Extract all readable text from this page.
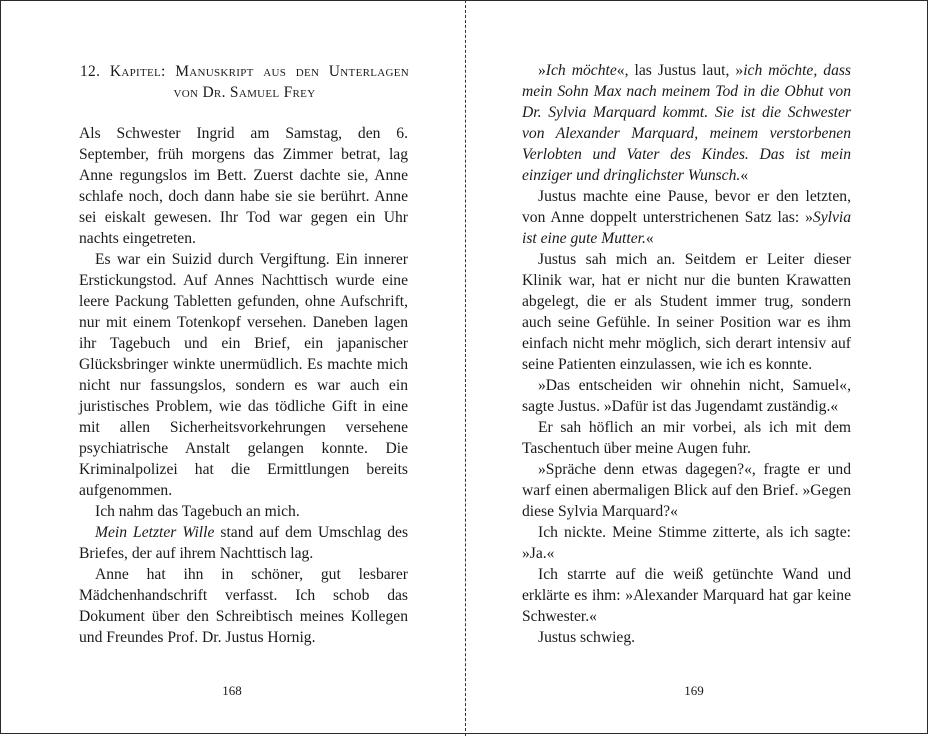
12. Kapitel: Manuskript aus den Unterlagen
von Dr. Samuel Frey

Als Schwester Ingrid am Samstag, den 6. September, früh morgens das Zimmer betrat, lag Anne regungslos im Bett. Zuerst dachte sie, Anne schlafe noch, doch dann habe sie sie berührt. Anne sei eiskalt gewesen. Ihr Tod war gegen ein Uhr nachts eingetreten.

Es war ein Suizid durch Vergiftung. Ein innerer Erstickungstod. Auf Annes Nachttisch wurde eine leere Packung Tabletten gefunden, ohne Aufschrift, nur mit einem Totenkopf versehen. Daneben lagen ihr Tagebuch und ein Brief, ein japanischer Glücksbringer winkte unermüdlich. Es machte mich nicht nur fassungslos, sondern es war auch ein juristisches Problem, wie das tödliche Gift in eine mit allen Sicherheitsvorkehrungen versehene psychiatrische Anstalt gelangen konnte. Die Kriminalpolizei hat die Ermittlungen bereits aufgenommen.

Ich nahm das Tagebuch an mich.

Mein Letzter Wille stand auf dem Umschlag des Briefes, der auf ihrem Nachttisch lag.

Anne hat ihn in schöner, gut lesbarer Mädchenhandschrift verfasst. Ich schob das Dokument über den Schreibtisch meines Kollegen und Freundes Prof. Dr. Justus Hornig.

168

»Ich möchte«, las Justus laut, »ich möchte, dass mein Sohn Max nach meinem Tod in die Obhut von Dr. Sylvia Marquard kommt. Sie ist die Schwester von Alexander Marquard, meinem verstorbenen Verlobten und Vater des Kindes. Das ist mein einziger und dringlichster Wunsch.«

Justus machte eine Pause, bevor er den letzten, von Anne doppelt unterstrichenen Satz las: »Sylvia ist eine gute Mutter.«

Justus sah mich an. Seitdem er Leiter dieser Klinik war, hat er nicht nur die bunten Krawatten abgelegt, die er als Student immer trug, sondern auch seine Gefühle. In seiner Position war es ihm einfach nicht mehr möglich, sich derart intensiv auf seine Patienten einzulassen, wie ich es konnte.

»Das entscheiden wir ohnehin nicht, Samuel«, sagte Justus. »Dafür ist das Jugendamt zuständig.«

Er sah höflich an mir vorbei, als ich mit dem Taschentuch über meine Augen fuhr.

»Spräche denn etwas dagegen?«, fragte er und warf einen abermaligen Blick auf den Brief. »Gegen diese Sylvia Marquard?«

Ich nickte. Meine Stimme zitterte, als ich sagte: »Ja.«

Ich starrte auf die weiß getünchte Wand und erklärte es ihm: »Alexander Marquard hat gar keine Schwester.«

Justus schwieg.

169
